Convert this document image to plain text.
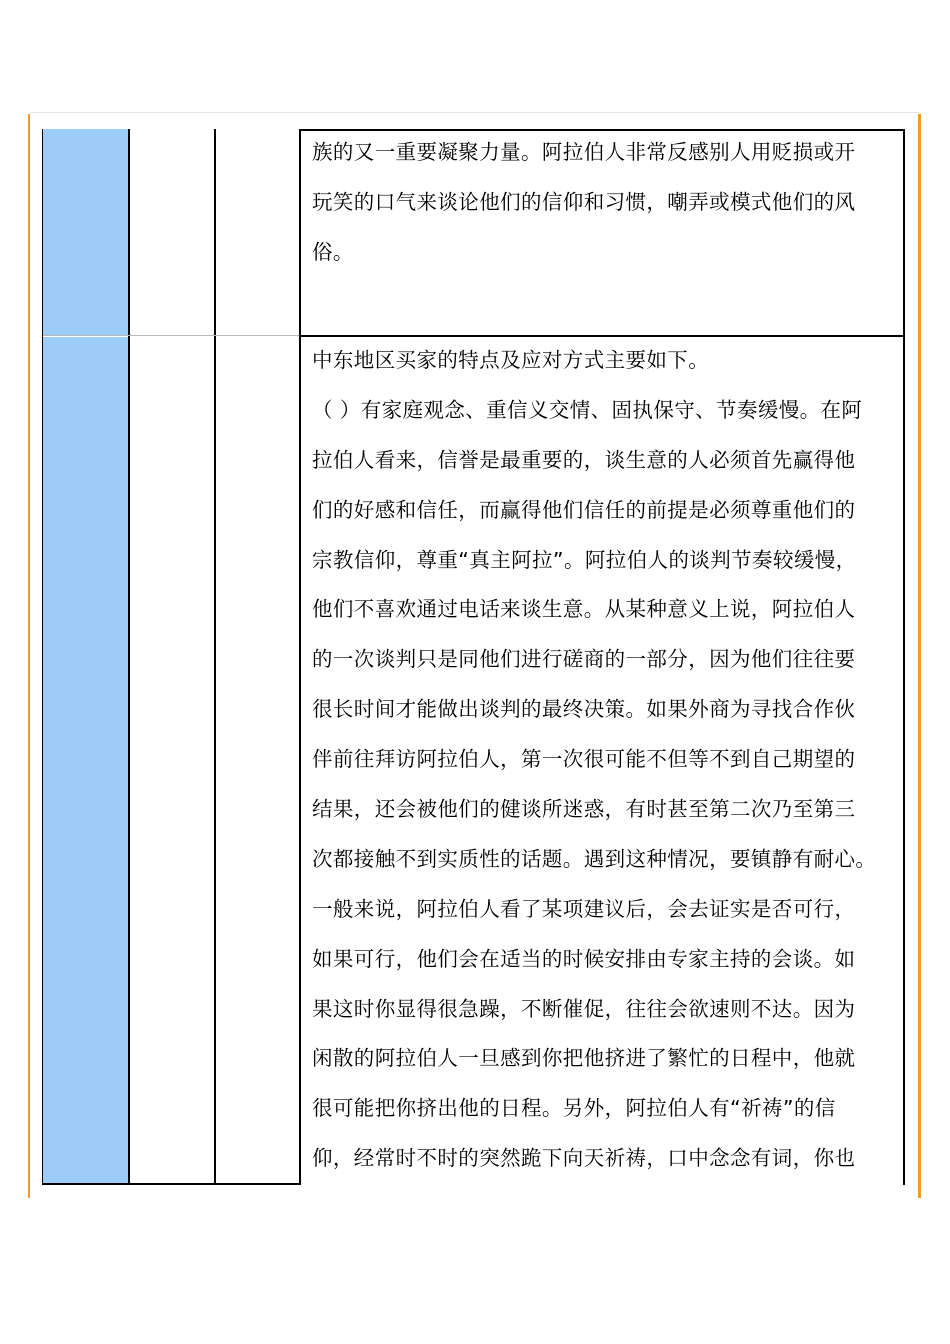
族的又一重要凝聚力量。阿拉伯人非常反感别人用贬损或开
玩笑的口气来谈论他们的信仰和习惯，嘲弄或模式他们的风
俗。
中东地区买家的特点及应对方式主要如下。
（ ）有家庭观念、重信义交情、固执保守、节奏缓慢。在阿
拉伯人看来，信誉是最重要的，谈生意的人必须首先赢得他
们的好感和信任，而赢得他们信任的前提是必须尊重他们的
宗教信仰，尊重“真主阿拉”。阿拉伯人的谈判节奏较缓慢，
他们不喜欢通过电话来谈生意。从某种意义上说，阿拉伯人
的一次谈判只是同他们进行磋商的一部分，因为他们往往要
很长时间才能做出谈判的最终决策。如果外商为寻找合作伙
伴前往拜访阿拉伯人，第一次很可能不但等不到自己期望的
结果，还会被他们的健谈所迷惑，有时甚至第二次乃至第三
次都接触不到实质性的话题。遇到这种情况，要镇静有耐心。
一般来说，阿拉伯人看了某项建议后，会去证实是否可行，
如果可行，他们会在适当的时候安排由专家主持的会谈。如
果这时你显得很急躁，不断催促，往往会欲速则不达。因为
闲散的阿拉伯人一旦感到你把他挤进了繁忙的日程中，他就
很可能把你挤出他的日程。另外，阿拉伯人有“祈祷”的信
仰，经常时不时的突然跪下向天祈祷，口中念念有词，你也
